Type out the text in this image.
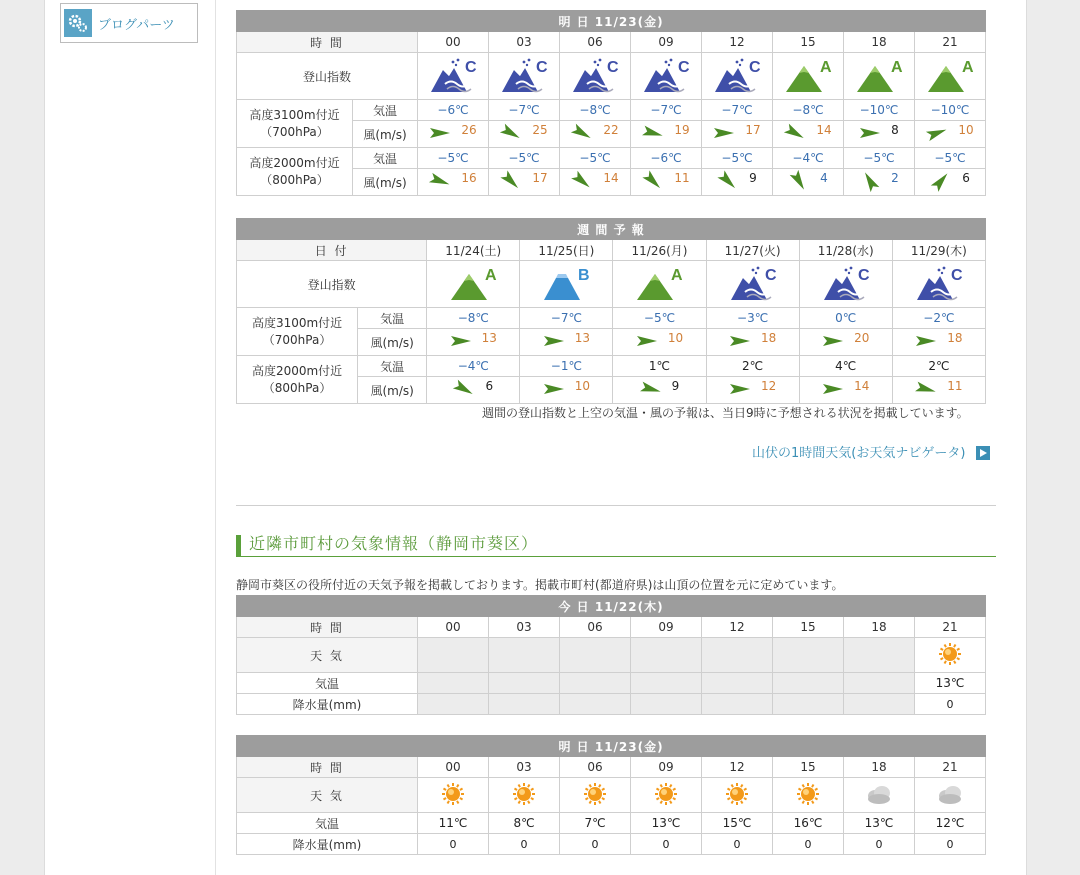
ブログパーツ	明 日 11/23(金)									
時 間		00	03	06	09	12	15	18	21
登山指数		C	C	C	C	C	A	A	A

高度3100m付近
（700hPa）	気温	−6℃	−7℃	−8℃	−7℃	−7℃	−8℃	−10℃	−10℃
	風(m/s)	26	25	22	19	17	14	8	10

高度2000m付近
（800hPa）	気温	−5℃	−5℃	−5℃	−6℃	−5℃	−4℃	−5℃	−5℃
	風(m/s)	16	17	14	11	9	4	2	6
週 間 予 報							
日 付		11/24(土)	11/25(日)	11/26(月)	11/27(火)	11/28(水)	11/29(木)
登山指数		A	B	A	C	C	C

高度3100m付近
（700hPa）	気温	−8℃	−7℃	−5℃	−3℃	0℃	−2℃
	風(m/s)	13	13	10	18	20	18

高度2000m付近
（800hPa）	気温	−4℃	−1℃	1℃	2℃	4℃	2℃
	風(m/s)	6	10	9	12	14	11
週間の登山指数と上空の気温・風の予報は、当日9時に予想される状況を掲載しています。
山伏の1時間天気(お天気ナビゲータ)
近隣市町村の気象情報（静岡市葵区）
静岡市葵区の役所付近の天気予報を掲載しております。掲載市町村(都道府県)は山頂の位置を元に定めています。
今 日 11/22(木)								
時 間	00	03	06	09	12	15	18	21
天 気								
気温								13℃
降水量(mm)								0
明 日 11/23(金)								
時 間	00	03	06	09	12	15	18	21
天 気								
気温	11℃	8℃	7℃	13℃	15℃	16℃	13℃	12℃
降水量(mm)	0	0	0	0	0	0	0	0
